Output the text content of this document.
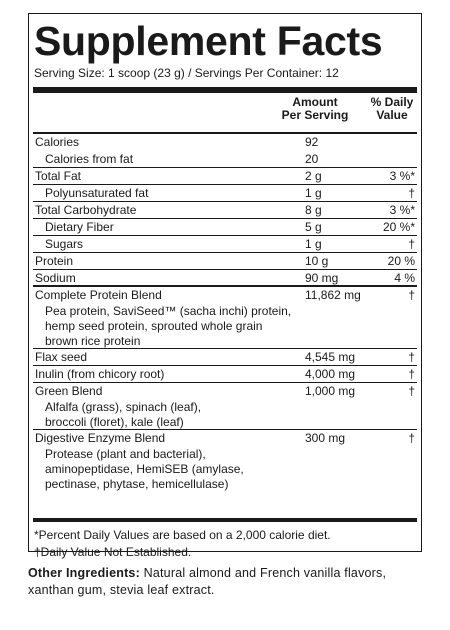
Supplement Facts
Serving Size: 1 scoop (23 g) / Servings Per Container: 12
Amount
Per Serving
% Daily
Value
Calories	92
Calories from fat	20
Total Fat	2 g	3 %*
Polyunsaturated fat	1 g	†
Total Carbohydrate	8 g	3 %*
Dietary Fiber	5 g	20 %*
Sugars	1 g	†
Protein	10 g	20 %
Sodium	90 mg	4 %
Complete Protein Blend	11,862 mg	†
Pea protein, SaviSeed™ (sacha inchi) protein,
hemp seed protein, sprouted whole grain
brown rice protein
Flax seed	4,545 mg	†
Inulin (from chicory root)	4,000 mg	†
Green Blend	1,000 mg	†
Alfalfa (grass), spinach (leaf),
broccoli (floret), kale (leaf)
Digestive Enzyme Blend	300 mg	†
Protease (plant and bacterial),
aminopeptidase, HemiSEB (amylase,
pectinase, phytase, hemicellulase)
*Percent Daily Values are based on a 2,000 calorie diet.
†Daily Value Not Established.
Other Ingredients: Natural almond and French vanilla flavors, xanthan gum, stevia leaf extract.
